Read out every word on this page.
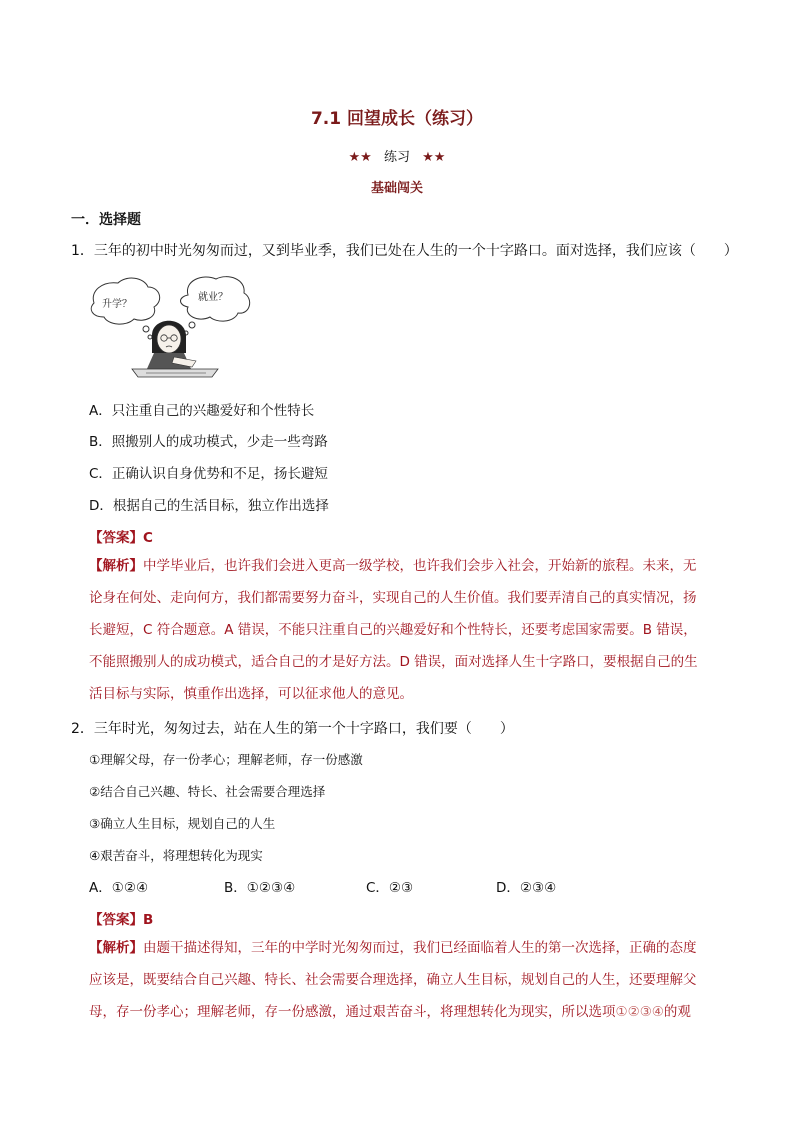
7.1 回望成长（练习）
★★ 练习 ★★
基础闯关
一．选择题
1．三年的初中时光匆匆而过，又到毕业季，我们已处在人生的一个十字路口。面对选择，我们应该（　　）
升学？
就业？
A．只注重自己的兴趣爱好和个性特长
B．照搬别人的成功模式，少走一些弯路
C．正确认识自身优势和不足，扬长避短
D．根据自己的生活目标，独立作出选择
【答案】C
【解析】中学毕业后，也许我们会进入更高一级学校，也许我们会步入社会，开始新的旅程。未来，无
论身在何处、走向何方，我们都需要努力奋斗，实现自己的人生价值。我们要弄清自己的真实情况，扬
长避短，C 符合题意。A 错误，不能只注重自己的兴趣爱好和个性特长，还要考虑国家需要。B 错误，
不能照搬别人的成功模式，适合自己的才是好方法。D 错误，面对选择人生十字路口，要根据自己的生
活目标与实际，慎重作出选择，可以征求他人的意见。
2．三年时光，匆匆过去，站在人生的第一个十字路口，我们要（　　）
①理解父母，存一份孝心；理解老师，存一份感激
②结合自己兴趣、特长、社会需要合理选择
③确立人生目标，规划自己的人生
④艰苦奋斗，将理想转化为现实
A．①②④	B．①②③④	C．②③	D．②③④
【答案】B
【解析】由题干描述得知，三年的中学时光匆匆而过，我们已经面临着人生的第一次选择，正确的态度
应该是，既要结合自己兴趣、特长、社会需要合理选择，确立人生目标，规划自己的人生，还要理解父
母，存一份孝心；理解老师，存一份感激，通过艰苦奋斗，将理想转化为现实，所以选项①②③④的观
